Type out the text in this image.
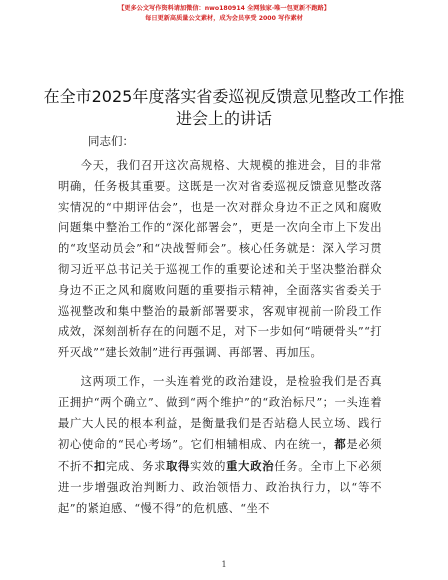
【更多公文写作资料请加微信：nwo180914 全网独家·唯一包更新不跑路】
每日更新高质量公文素材，成为会员享受 2000 写作素材
在全市2025年度落实省委巡视反馈意见整改工作推进会上的讲话
同志们：

今天，我们召开这次高规格、大规模的推进会，目的非常明确，任务极其重要。这既是一次对省委巡视反馈意见整改落实情况的“中期评估会”，也是一次对群众身边不正之风和腐败问题集中整治工作的“深化部署会”，更是一次向全市上下发出的“攻坚动员会”和“决战誓师会”。核心任务就是：深入学习贯彻习近平总书记关于巡视工作的重要论述和关于坚决整治群众身边不正之风和腐败问题的重要指示精神，全面落实省委关于巡视整改和集中整治的最新部署要求，客观审视前一阶段工作成效，深刻剖析存在的问题不足，对下一步如何“啃硬骨头”“打歼灭战”“建长效制”进行再强调、再部署、再加压。

这两项工作，一头连着党的政治建设，是检验我们是否真正拥护“两个确立”、做到“两个维护”的“政治标尺”；一头连着最广大人民的根本利益，是衡量我们是否站稳人民立场、践行初心使命的“民心考场”。它们相辅相成、内在统一，都是必须不折不扣完成、务求取得实效的重大政治任务。全市上下必须进一步增强政治判断力、政治领悟力、政治执行力，以“等不起”的紧迫感、“慢不得”的危机感、“坐不

1
